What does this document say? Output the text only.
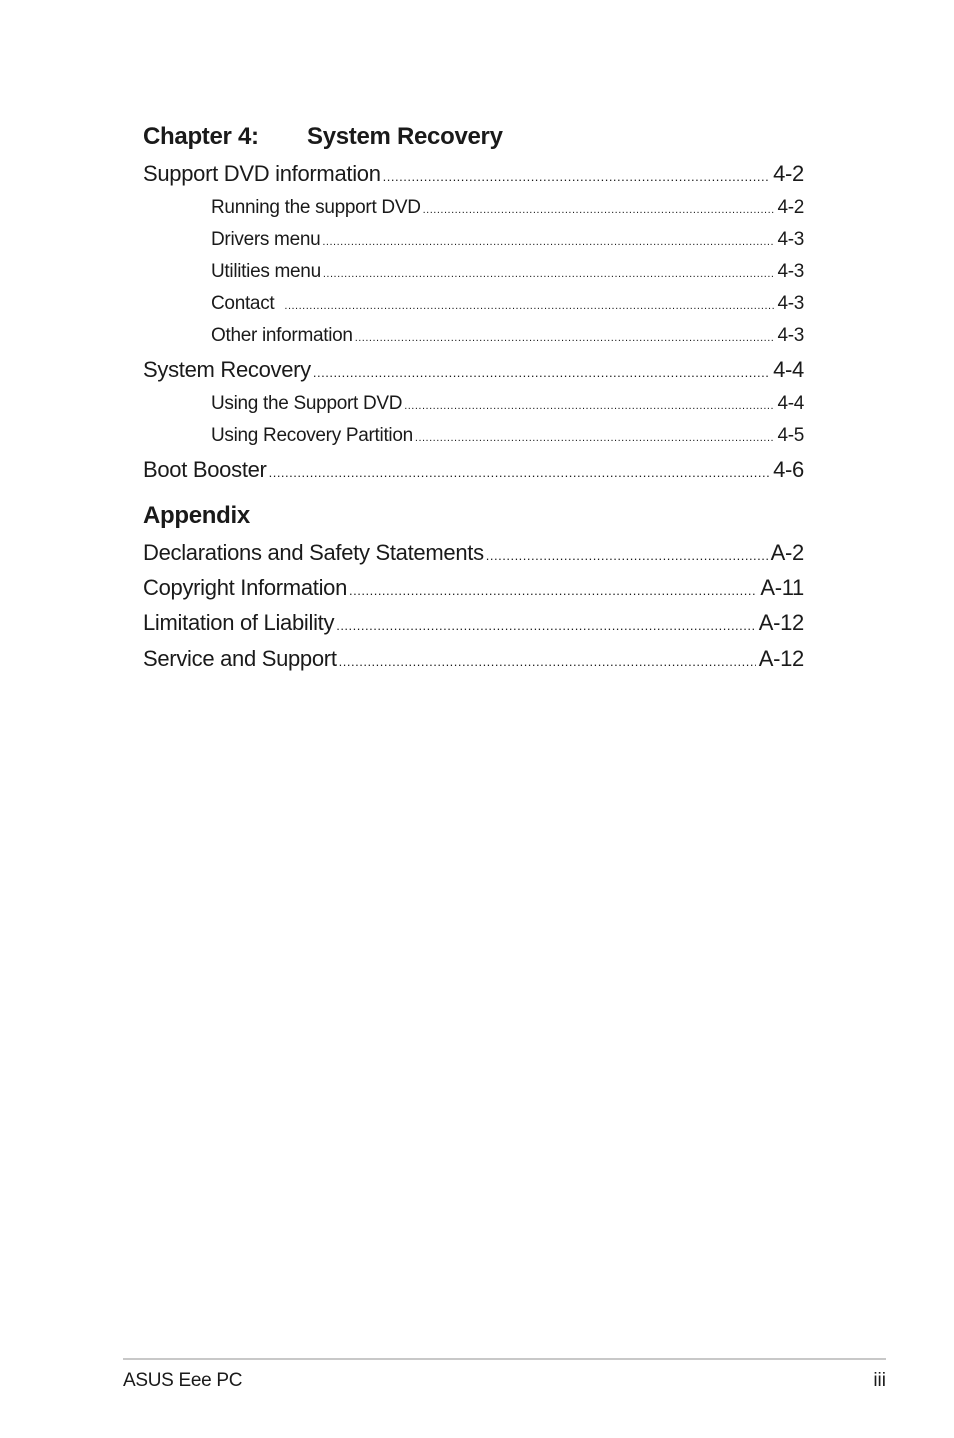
Chapter 4: System Recovery
Support DVD information .....	4-2
Running the support DVD .....	4-2
Drivers menu .....	4-3
Utilities menu .....	4-3
Contact .....	4-3
Other information .....	4-3
System Recovery .....	4-4
Using the Support DVD .....	4-4
Using Recovery Partition .....	4-5
Boot Booster .....	4-6
Appendix
Declarations and Safety Statements .....	A-2
Copyright Information .....	A-11
Limitation of Liability .....	A-12
Service and Support .....	A-12
ASUS Eee PC	iii
